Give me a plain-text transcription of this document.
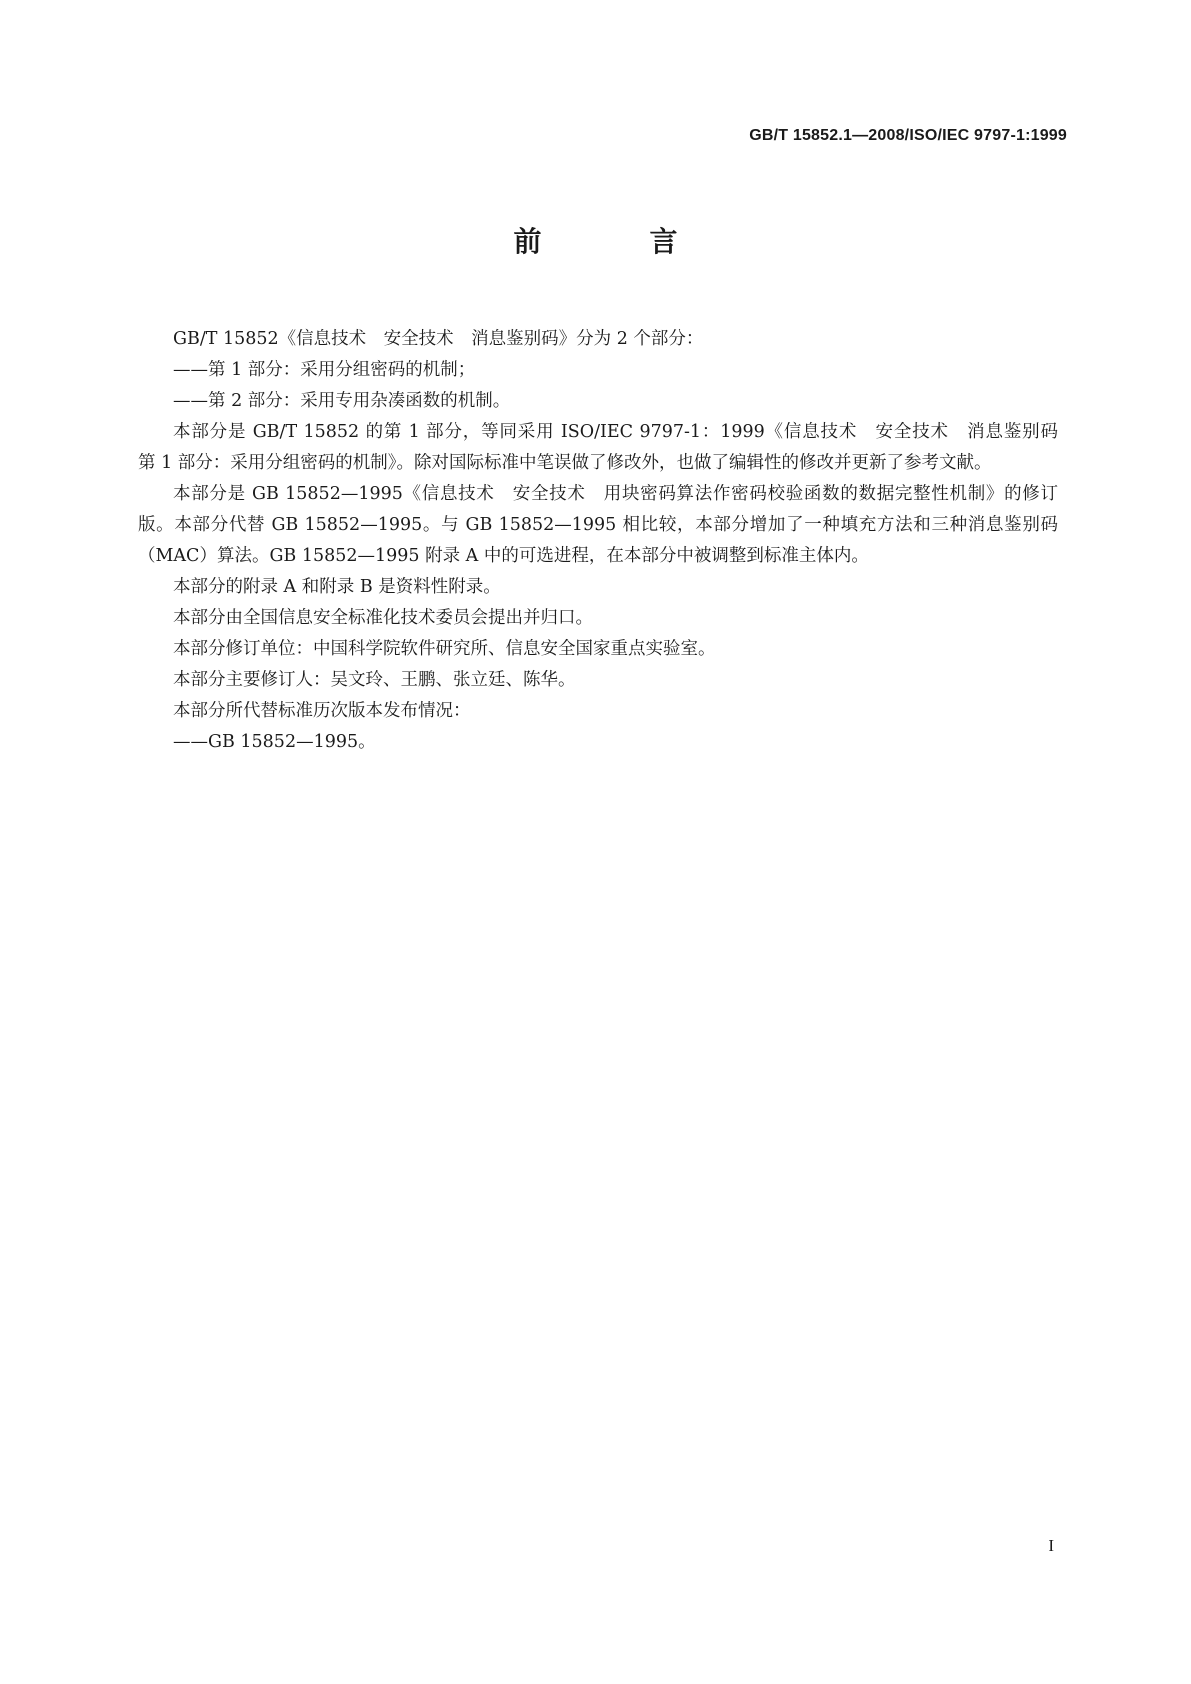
GB/T 15852.1—2008/ISO/IEC 9797-1:1999
前　言

GB/T 15852《信息技术　安全技术　消息鉴别码》分为 2 个部分：

——第 1 部分：采用分组密码的机制；

——第 2 部分：采用专用杂凑函数的机制。

本部分是 GB/T 15852 的第 1 部分，等同采用 ISO/IEC 9797-1：1999《信息技术　安全技术　消息鉴别码　第 1 部分：采用分组密码的机制》。除对国际标准中笔误做了修改外，也做了编辑性的修改并更新了参考文献。

本部分是 GB 15852—1995《信息技术　安全技术　用块密码算法作密码校验函数的数据完整性机制》的修订版。本部分代替 GB 15852—1995。与 GB 15852—1995 相比较，本部分增加了一种填充方法和三种消息鉴别码（MAC）算法。GB 15852—1995 附录 A 中的可选进程，在本部分中被调整到标准主体内。

本部分的附录 A 和附录 B 是资料性附录。

本部分由全国信息安全标准化技术委员会提出并归口。

本部分修订单位：中国科学院软件研究所、信息安全国家重点实验室。

本部分主要修订人：吴文玲、王鹏、张立廷、陈华。

本部分所代替标准历次版本发布情况：

——GB 15852—1995。

I
